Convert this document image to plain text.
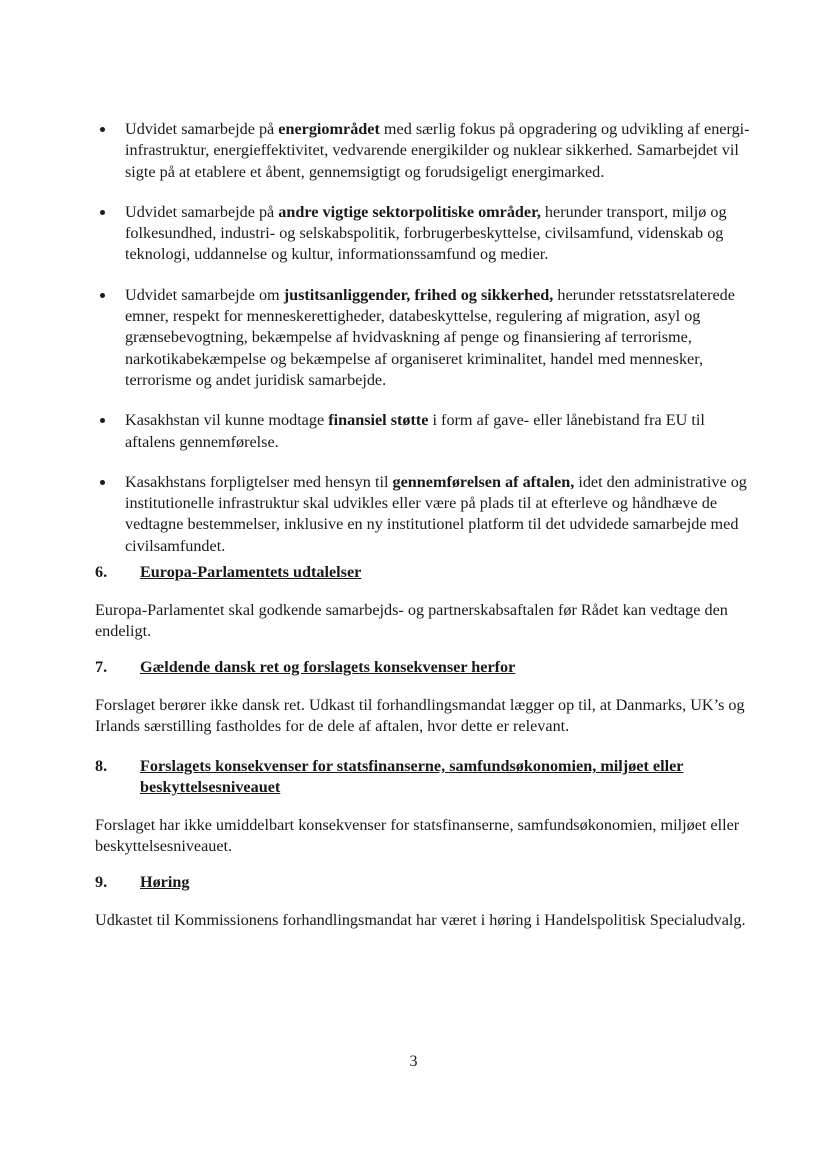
Udvidet samarbejde på energiområdet med særlig fokus på opgradering og udvikling af energi-infrastruktur, energieffektivitet, vedvarende energikilder og nuklear sikkerhed. Samarbejdet vil sigte på at etablere et åbent, gennemsigtigt og forudsigeligt energimarked.
Udvidet samarbejde på andre vigtige sektorpolitiske områder, herunder transport, miljø og folkesundhed, industri- og selskabspolitik, forbrugerbeskyttelse, civilsamfund, videnskab og teknologi, uddannelse og kultur, informationssamfund og medier.
Udvidet samarbejde om justitsanliggender, frihed og sikkerhed, herunder retsstatsrelaterede emner, respekt for menneskerettigheder, databeskyttelse, regulering af migration, asyl og grænsebevogtning, bekæmpelse af hvidvaskning af penge og finansiering af terrorisme, narkotikabekæmpelse og bekæmpelse af organiseret kriminalitet, handel med mennesker, terrorisme og andet juridisk samarbejde.
Kasakhstan vil kunne modtage finansiel støtte i form af gave- eller lånebistand fra EU til aftalens gennemførelse.
Kasakhstans forpligtelser med hensyn til gennemførelsen af aftalen, idet den administrative og institutionelle infrastruktur skal udvikles eller være på plads til at efterleve og håndhæve de vedtagne bestemmelser, inklusive en ny institutionel platform til det udvidede samarbejde med civilsamfundet.
6. Europa-Parlamentets udtalelser
Europa-Parlamentet skal godkende samarbejds- og partnerskabsaftalen før Rådet kan vedtage den endeligt.
7. Gældende dansk ret og forslagets konsekvenser herfor
Forslaget berører ikke dansk ret. Udkast til forhandlingsmandat lægger op til, at Danmarks, UK’s og Irlands særstilling fastholdes for de dele af aftalen, hvor dette er relevant.
8. Forslagets konsekvenser for statsfinanserne, samfundsøkonomien, miljøet eller beskyttelsesniveauet
Forslaget har ikke umiddelbart konsekvenser for statsfinanserne, samfundsøkonomien, miljøet eller beskyttelsesniveauet.
9. Høring
Udkastet til Kommissionens forhandlingsmandat har været i høring i Handelspolitisk Specialudvalg.
3
